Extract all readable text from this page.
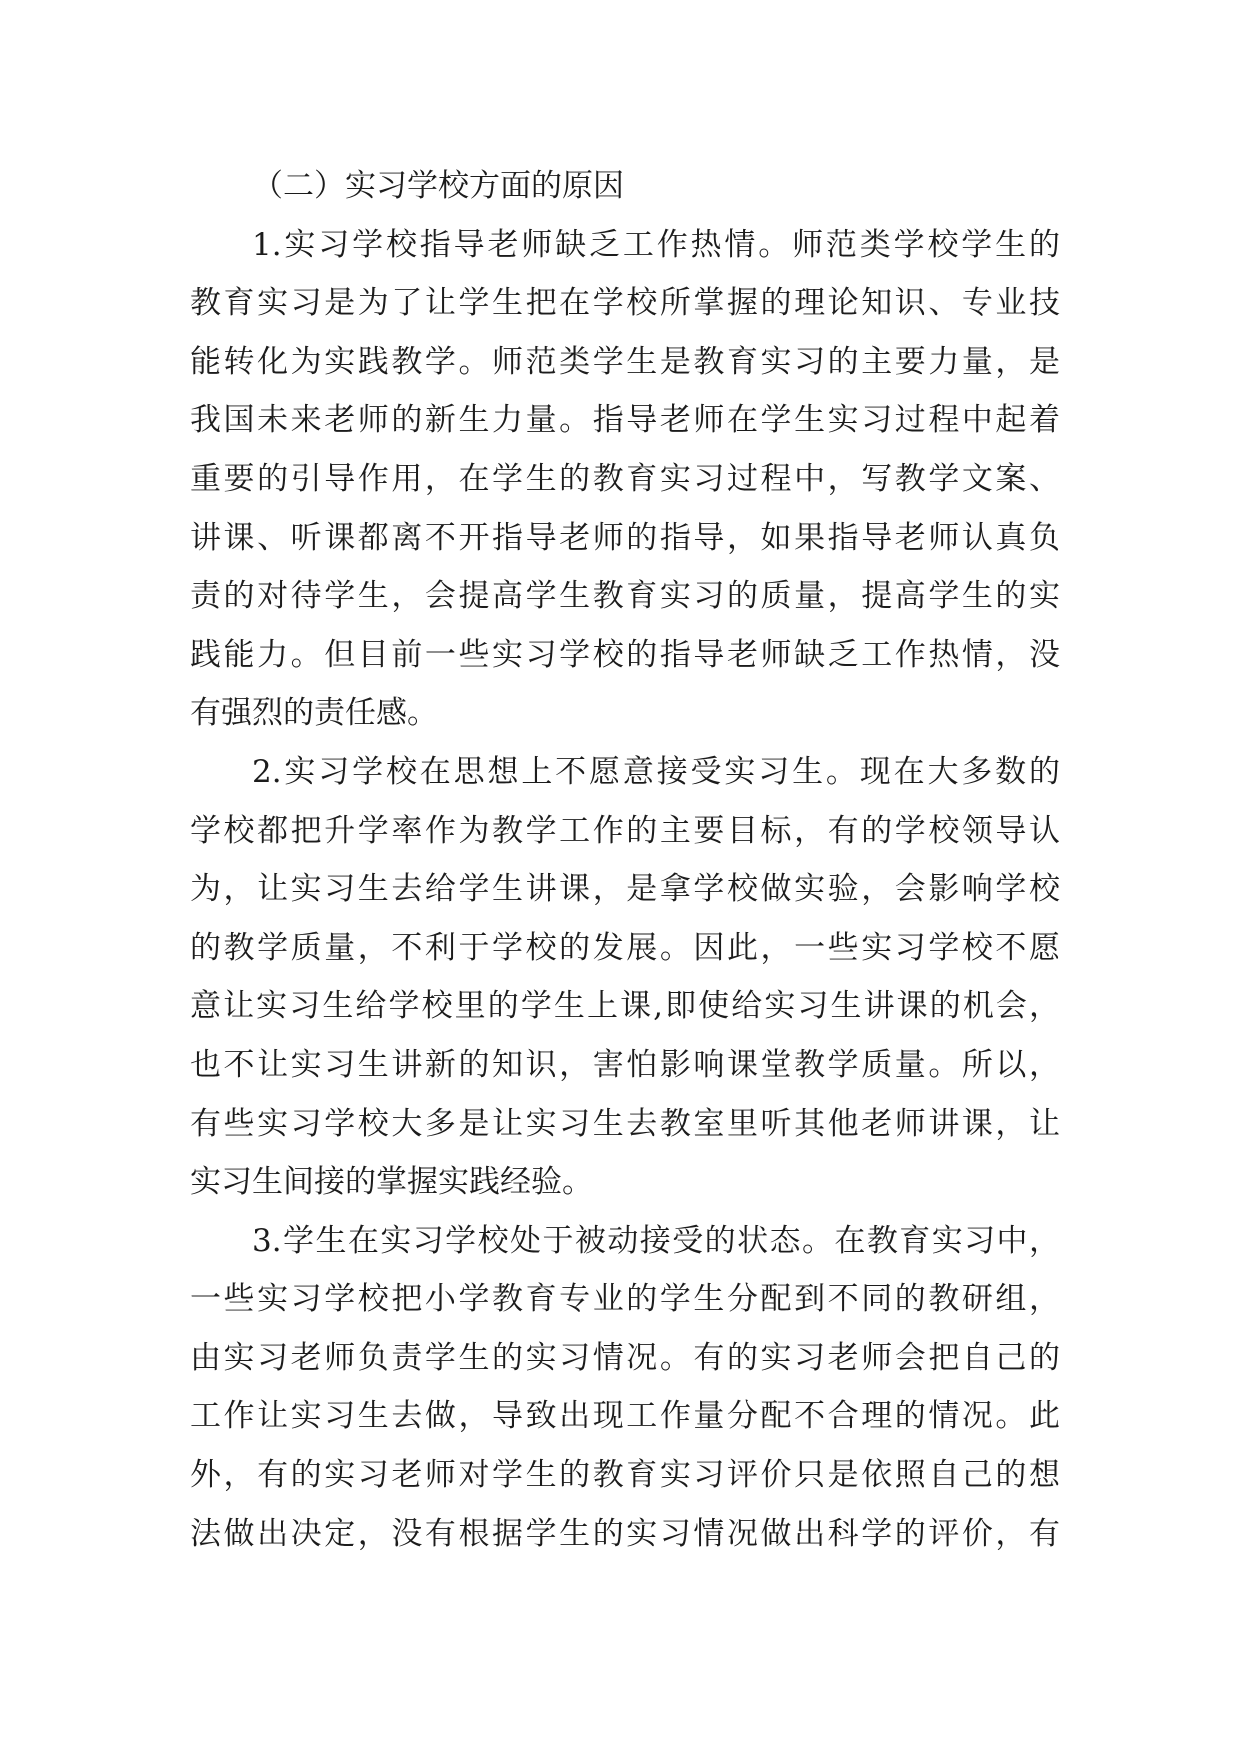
（二）实习学校方面的原因
1.实习学校指导老师缺乏工作热情。师范类学校学生的
教育实习是为了让学生把在学校所掌握的理论知识、专业技
能转化为实践教学。师范类学生是教育实习的主要力量，是
我国未来老师的新生力量。指导老师在学生实习过程中起着
重要的引导作用，在学生的教育实习过程中，写教学文案、
讲课、听课都离不开指导老师的指导，如果指导老师认真负
责的对待学生，会提高学生教育实习的质量，提高学生的实
践能力。但目前一些实习学校的指导老师缺乏工作热情，没
有强烈的责任感。
2.实习学校在思想上不愿意接受实习生。现在大多数的
学校都把升学率作为教学工作的主要目标，有的学校领导认
为，让实习生去给学生讲课，是拿学校做实验，会影响学校
的教学质量，不利于学校的发展。因此，一些实习学校不愿
意让实习生给学校里的学生上课,即使给实习生讲课的机会，
也不让实习生讲新的知识，害怕影响课堂教学质量。所以，
有些实习学校大多是让实习生去教室里听其他老师讲课，让
实习生间接的掌握实践经验。
3.学生在实习学校处于被动接受的状态。在教育实习中，
一些实习学校把小学教育专业的学生分配到不同的教研组，
由实习老师负责学生的实习情况。有的实习老师会把自己的
工作让实习生去做，导致出现工作量分配不合理的情况。此
外，有的实习老师对学生的教育实习评价只是依照自己的想
法做出决定，没有根据学生的实习情况做出科学的评价，有
